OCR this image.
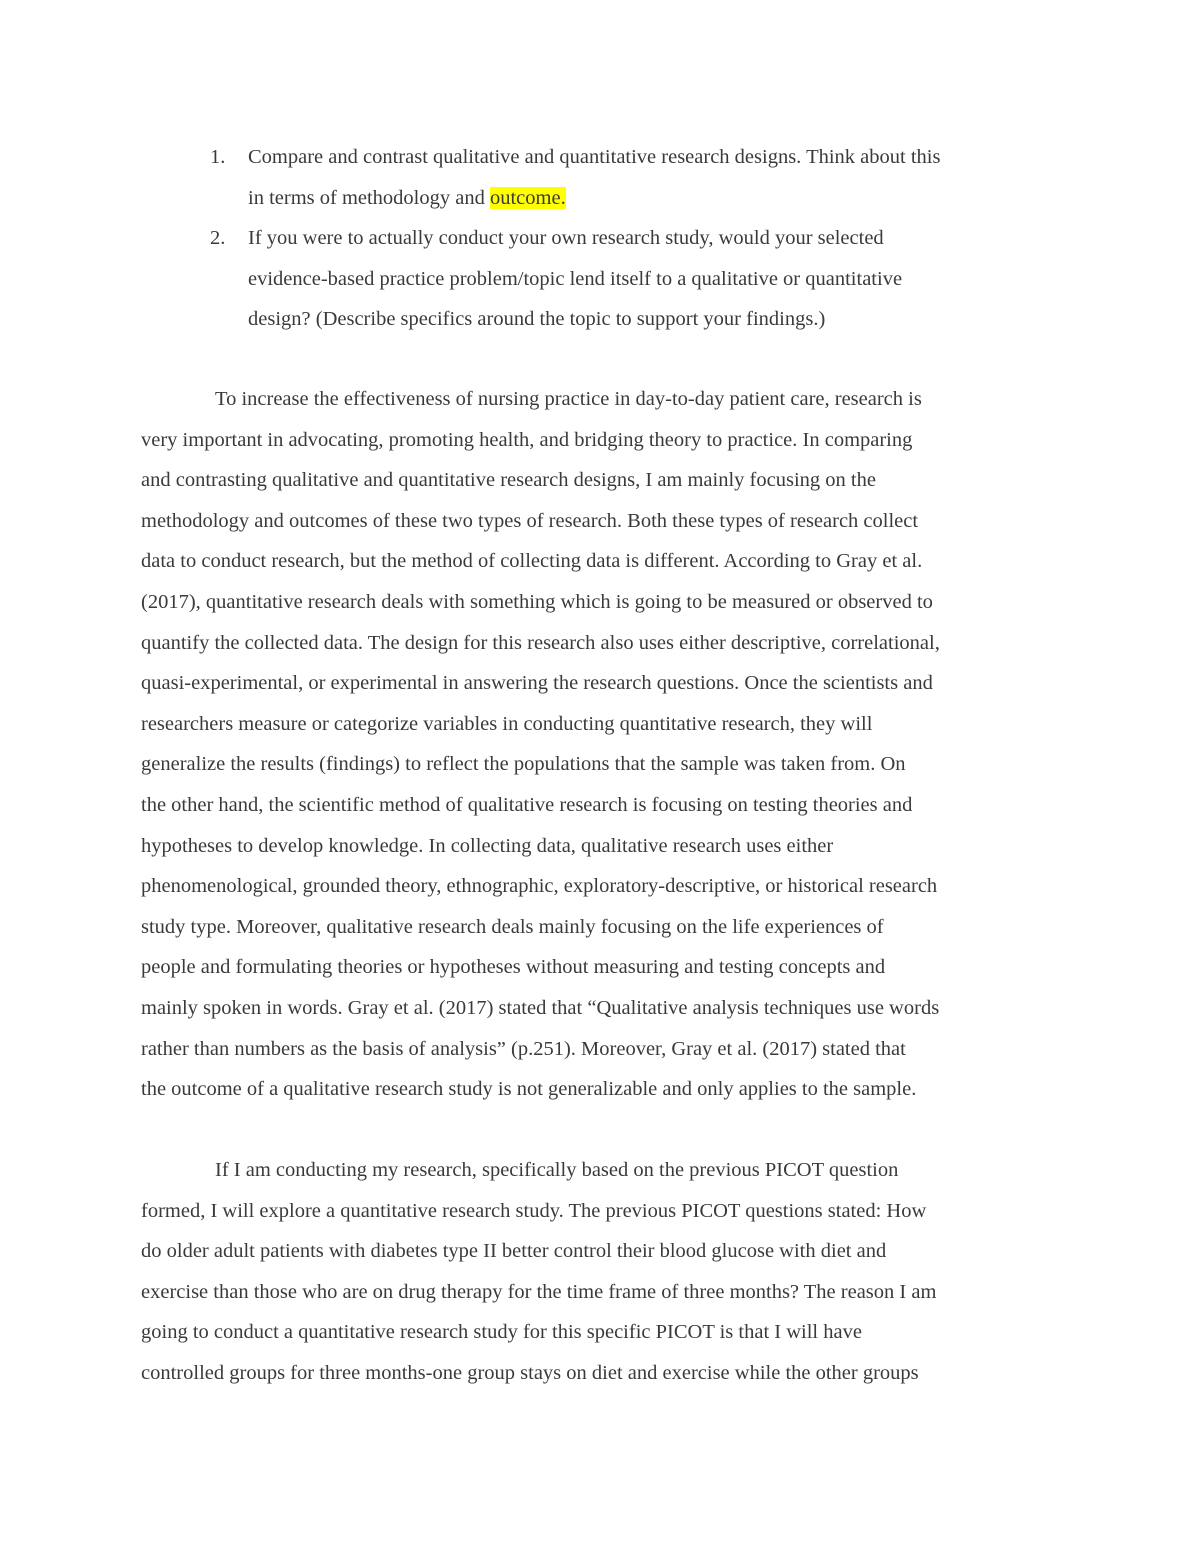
1. Compare and contrast qualitative and quantitative research designs. Think about this
in terms of methodology and outcome.
2. If you were to actually conduct your own research study, would your selected
evidence-based practice problem/topic lend itself to a qualitative or quantitative
design? (Describe specifics around the topic to support your findings.)

To increase the effectiveness of nursing practice in day-to-day patient care, research is
very important in advocating, promoting health, and bridging theory to practice. In comparing
and contrasting qualitative and quantitative research designs, I am mainly focusing on the
methodology and outcomes of these two types of research. Both these types of research collect
data to conduct research, but the method of collecting data is different. According to Gray et al.
(2017), quantitative research deals with something which is going to be measured or observed to
quantify the collected data. The design for this research also uses either descriptive, correlational,
quasi-experimental, or experimental in answering the research questions. Once the scientists and
researchers measure or categorize variables in conducting quantitative research, they will
generalize the results (findings) to reflect the populations that the sample was taken from. On
the other hand, the scientific method of qualitative research is focusing on testing theories and
hypotheses to develop knowledge. In collecting data, qualitative research uses either
phenomenological, grounded theory, ethnographic, exploratory-descriptive, or historical research
study type. Moreover, qualitative research deals mainly focusing on the life experiences of
people and formulating theories or hypotheses without measuring and testing concepts and
mainly spoken in words. Gray et al. (2017) stated that “Qualitative analysis techniques use words
rather than numbers as the basis of analysis” (p.251). Moreover, Gray et al. (2017) stated that
the outcome of a qualitative research study is not generalizable and only applies to the sample.

If I am conducting my research, specifically based on the previous PICOT question
formed, I will explore a quantitative research study. The previous PICOT questions stated: How
do older adult patients with diabetes type II better control their blood glucose with diet and
exercise than those who are on drug therapy for the time frame of three months? The reason I am
going to conduct a quantitative research study for this specific PICOT is that I will have
controlled groups for three months-one group stays on diet and exercise while the other groups
